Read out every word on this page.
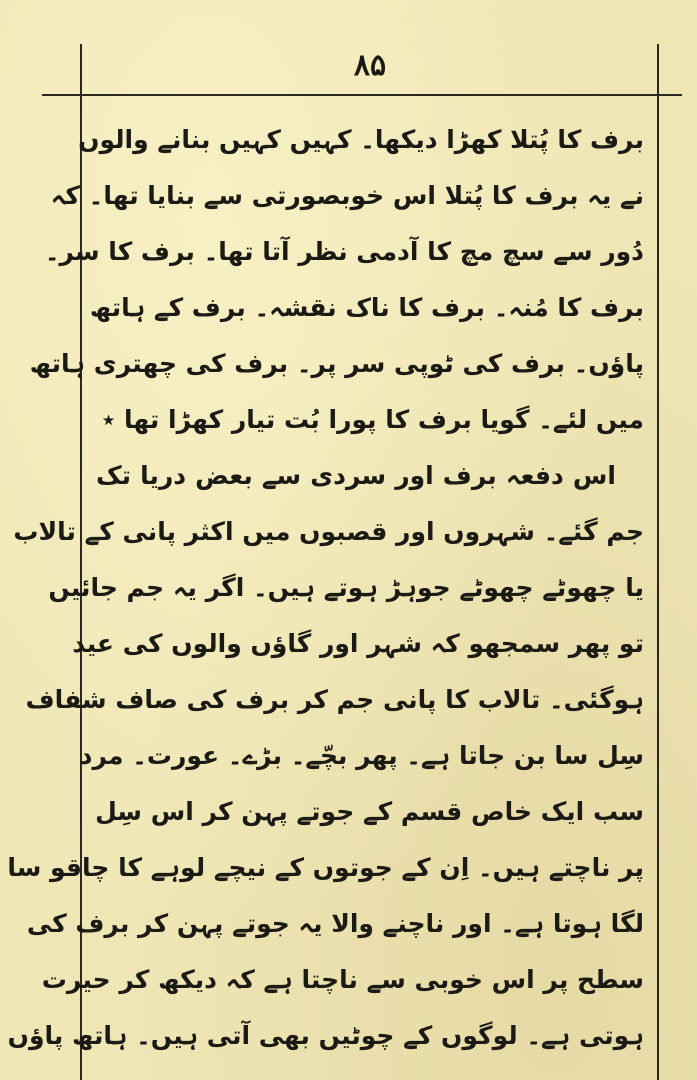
۸۵
برف کا پُتلا کھڑا دیکھا۔ کہیں کہیں بنانے والوں
نے یہ برف کا پُتلا اس خوبصورتی سے بنایا تھا۔ کہ
دُور سے سچ مچ کا آدمی نظر آتا تھا۔ برف کا سر۔
برف کا مُنہ۔ برف کا ناک نقشہ۔ برف کے ہاتھ
پاؤں۔ برف کی ٹوپی سر پر۔ برف کی چھتری ہاتھ
میں لئے۔ گویا برف کا پورا بُت تیار کھڑا تھا ٭
اس دفعہ برف اور سردی سے بعض دریا تک
جم گئے۔ شہروں اور قصبوں میں اکثر پانی کے تالاب
یا چھوٹے چھوٹے جوہڑ ہوتے ہیں۔ اگر یہ جم جائیں
تو پھر سمجھو کہ شہر اور گاؤں والوں کی عید
ہوگئی۔ تالاب کا پانی جم کر برف کی صاف شفاف
سِل سا بن جاتا ہے۔ پھر بچّے۔ بڑے۔ عورت۔ مرد
سب ایک خاص قسم کے جوتے پہن کر اس سِل
پر ناچتے ہیں۔ اِن کے جوتوں کے نیچے لوہے کا چاقو سا
لگا ہوتا ہے۔ اور ناچنے والا یہ جوتے پہن کر برف کی
سطح پر اس خوبی سے ناچتا ہے کہ دیکھ کر حیرت
ہوتی ہے۔ لوگوں کے چوٹیں بھی آتی ہیں۔ ہاتھ پاؤں
